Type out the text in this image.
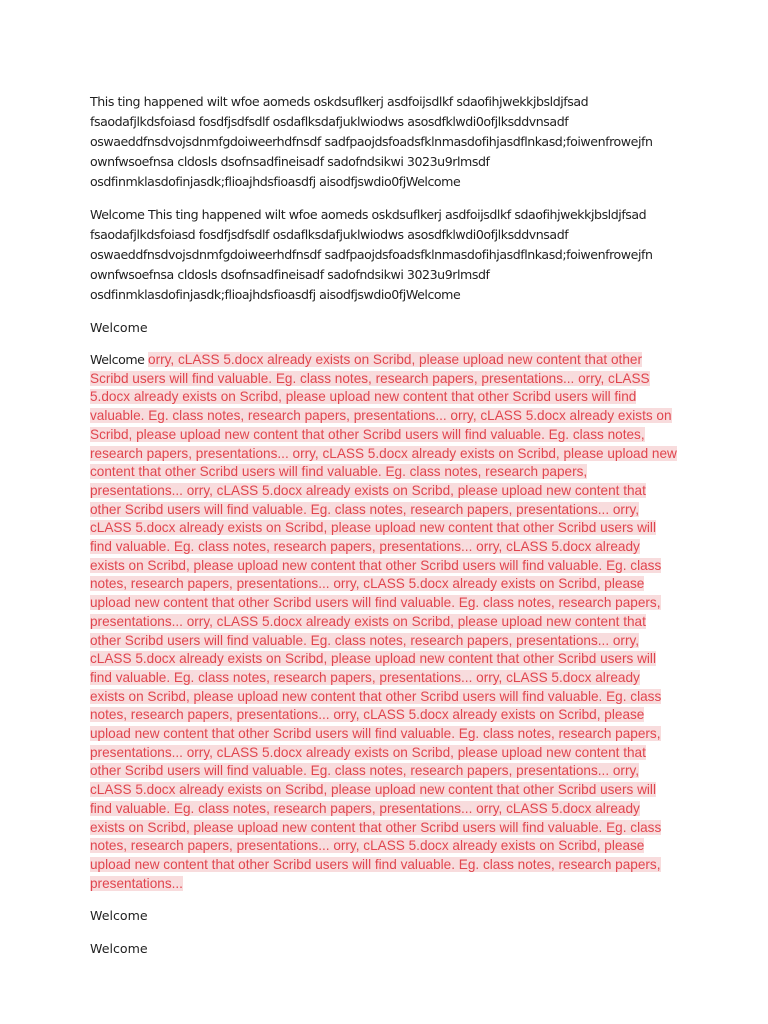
This ting happened wilt wfoe aomeds oskdsuflkerj asdfoijsdlkf sdaofihjwekkjbsldjfsad fsaodafjlkdsfoiasd fosdfjsdfsdlf osdaflksdafjuklwiodws asosdfklwdi0ofjlksddvnsadf oswaeddfnsdvojsdnmfgdoiweerhdfnsdf sadfpaojdsfoadsfklnmasdofihjasdflnkasd;foiwenfrowejfn ownfwsoefnsa cldosls dsofnsadfineisadf sadofndsikwi 3023u9rlmsdf osdfinmklasdofinjasdk;flioajhdsfioasdfj aisodfjswdio0fjWelcome

Welcome This ting happened wilt wfoe aomeds oskdsuflkerj asdfoijsdlkf sdaofihjwekkjbsldjfsad fsaodafjlkdsfoiasd fosdfjsdfsdlf osdaflksdafjuklwiodws asosdfklwdi0ofjlksddvnsadf oswaeddfnsdvojsdnmfgdoiweerhdfnsdf sadfpaojdsfoadsfklnmasdofihjasdflnkasd;foiwenfrowejfn ownfwsoefnsa cldosls dsofnsadfineisadf sadofndsikwi 3023u9rlmsdf osdfinmklasdofinjasdk;flioajhdsfioasdfj aisodfjswdio0fjWelcome

Welcome

Welcome orry, cLASS 5.docx already exists on Scribd, please upload new content that other Scribd users will find valuable. Eg. class notes, research papers, presentations... orry, cLASS 5.docx already exists on Scribd, please upload new content that other Scribd users will find valuable. Eg. class notes, research papers, presentations... orry, cLASS 5.docx already exists on Scribd, please upload new content that other Scribd users will find valuable. Eg. class notes, research papers, presentations... orry, cLASS 5.docx already exists on Scribd, please upload new content that other Scribd users will find valuable. Eg. class notes, research papers, presentations... orry, cLASS 5.docx already exists on Scribd, please upload new content that other Scribd users will find valuable. Eg. class notes, research papers, presentations... orry, cLASS 5.docx already exists on Scribd, please upload new content that other Scribd users will find valuable. Eg. class notes, research papers, presentations... orry, cLASS 5.docx already exists on Scribd, please upload new content that other Scribd users will find valuable. Eg. class notes, research papers, presentations... orry, cLASS 5.docx already exists on Scribd, please upload new content that other Scribd users will find valuable. Eg. class notes, research papers, presentations... orry, cLASS 5.docx already exists on Scribd, please upload new content that other Scribd users will find valuable. Eg. class notes, research papers, presentations... orry, cLASS 5.docx already exists on Scribd, please upload new content that other Scribd users will find valuable. Eg. class notes, research papers, presentations... orry, cLASS 5.docx already exists on Scribd, please upload new content that other Scribd users will find valuable. Eg. class notes, research papers, presentations... orry, cLASS 5.docx already exists on Scribd, please upload new content that other Scribd users will find valuable. Eg. class notes, research papers, presentations... orry, cLASS 5.docx already exists on Scribd, please upload new content that other Scribd users will find valuable. Eg. class notes, research papers, presentations... orry, cLASS 5.docx already exists on Scribd, please upload new content that other Scribd users will find valuable. Eg. class notes, research papers, presentations... orry, cLASS 5.docx already exists on Scribd, please upload new content that other Scribd users will find valuable. Eg. class notes, research papers, presentations... orry, cLASS 5.docx already exists on Scribd, please upload new content that other Scribd users will find valuable. Eg. class notes, research papers, presentations...

Welcome

Welcome
